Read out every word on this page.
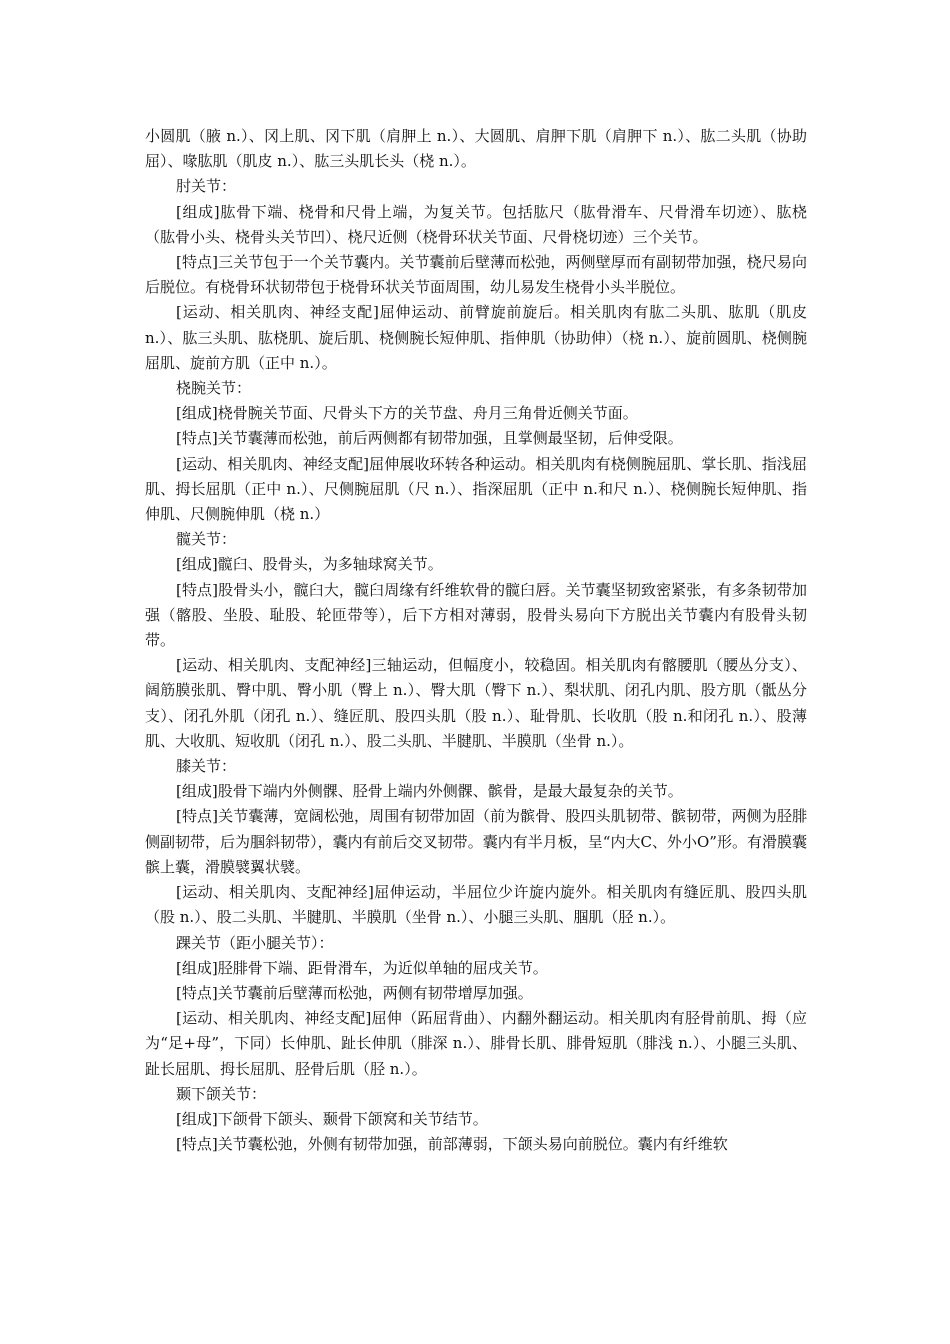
小圆肌（腋 n.）、冈上肌、冈下肌（肩胛上 n.）、大圆肌、肩胛下肌（肩胛下 n.）、肱二头肌（协助屈）、喙肱肌（肌皮 n.）、肱三头肌长头（桡 n.）。

肘关节：

[组成]肱骨下端、桡骨和尺骨上端，为复关节。包括肱尺（肱骨滑车、尺骨滑车切迹）、肱桡（肱骨小头、桡骨头关节凹）、桡尺近侧（桡骨环状关节面、尺骨桡切迹）三个关节。

[特点]三关节包于一个关节囊内。关节囊前后壁薄而松弛，两侧壁厚而有副韧带加强，桡尺易向后脱位。有桡骨环状韧带包于桡骨环状关节面周围，幼儿易发生桡骨小头半脱位。

[运动、相关肌肉、神经支配]屈伸运动、前臂旋前旋后。相关肌肉有肱二头肌、肱肌（肌皮 n.）、肱三头肌、肱桡肌、旋后肌、桡侧腕长短伸肌、指伸肌（协助伸）（桡 n.）、旋前圆肌、桡侧腕屈肌、旋前方肌（正中 n.）。

桡腕关节：

[组成]桡骨腕关节面、尺骨头下方的关节盘、舟月三角骨近侧关节面。

[特点]关节囊薄而松弛，前后两侧都有韧带加强，且掌侧最坚韧，后伸受限。

[运动、相关肌肉、神经支配]屈伸展收环转各种运动。相关肌肉有桡侧腕屈肌、掌长肌、指浅屈肌、拇长屈肌（正中 n.）、尺侧腕屈肌（尺 n.）、指深屈肌（正中 n.和尺 n.）、桡侧腕长短伸肌、指伸肌、尺侧腕伸肌（桡 n.）

髋关节：

[组成]髋臼、股骨头，为多轴球窝关节。

[特点]股骨头小，髋臼大，髋臼周缘有纤维软骨的髋臼唇。关节囊坚韧致密紧张，有多条韧带加强（髂股、坐股、耻股、轮匝带等），后下方相对薄弱，股骨头易向下方脱出关节囊内有股骨头韧带。

[运动、相关肌肉、支配神经]三轴运动，但幅度小，较稳固。相关肌肉有髂腰肌（腰丛分支）、阔筋膜张肌、臀中肌、臀小肌（臀上 n.）、臀大肌（臀下 n.）、梨状肌、闭孔内肌、股方肌（骶丛分支）、闭孔外肌（闭孔 n.）、缝匠肌、股四头肌（股 n.）、耻骨肌、长收肌（股 n.和闭孔 n.）、股薄肌、大收肌、短收肌（闭孔 n.）、股二头肌、半腱肌、半膜肌（坐骨 n.）。

膝关节：

[组成]股骨下端内外侧髁、胫骨上端内外侧髁、髌骨，是最大最复杂的关节。

[特点]关节囊薄，宽阔松弛，周围有韧带加固（前为髌骨、股四头肌韧带、髌韧带，两侧为胫腓侧副韧带，后为腘斜韧带），囊内有前后交叉韧带。囊内有半月板，呈“内大C、外小O”形。有滑膜囊髌上囊，滑膜襞翼状襞。

[运动、相关肌肉、支配神经]屈伸运动，半屈位少许旋内旋外。相关肌肉有缝匠肌、股四头肌（股 n.）、股二头肌、半腱肌、半膜肌（坐骨 n.）、小腿三头肌、腘肌（胫 n.）。

踝关节（距小腿关节）：

[组成]胫腓骨下端、距骨滑车，为近似单轴的屈戌关节。

[特点]关节囊前后壁薄而松弛，两侧有韧带增厚加强。

[运动、相关肌肉、神经支配]屈伸（跖屈背曲）、内翻外翻运动。相关肌肉有胫骨前肌、拇（应为“足+母”，下同）长伸肌、趾长伸肌（腓深 n.）、腓骨长肌、腓骨短肌（腓浅 n.）、小腿三头肌、趾长屈肌、拇长屈肌、胫骨后肌（胫 n.）。

颞下颌关节：

[组成]下颌骨下颌头、颞骨下颌窝和关节结节。

[特点]关节囊松弛，外侧有韧带加强，前部薄弱，下颌头易向前脱位。囊内有纤维软
